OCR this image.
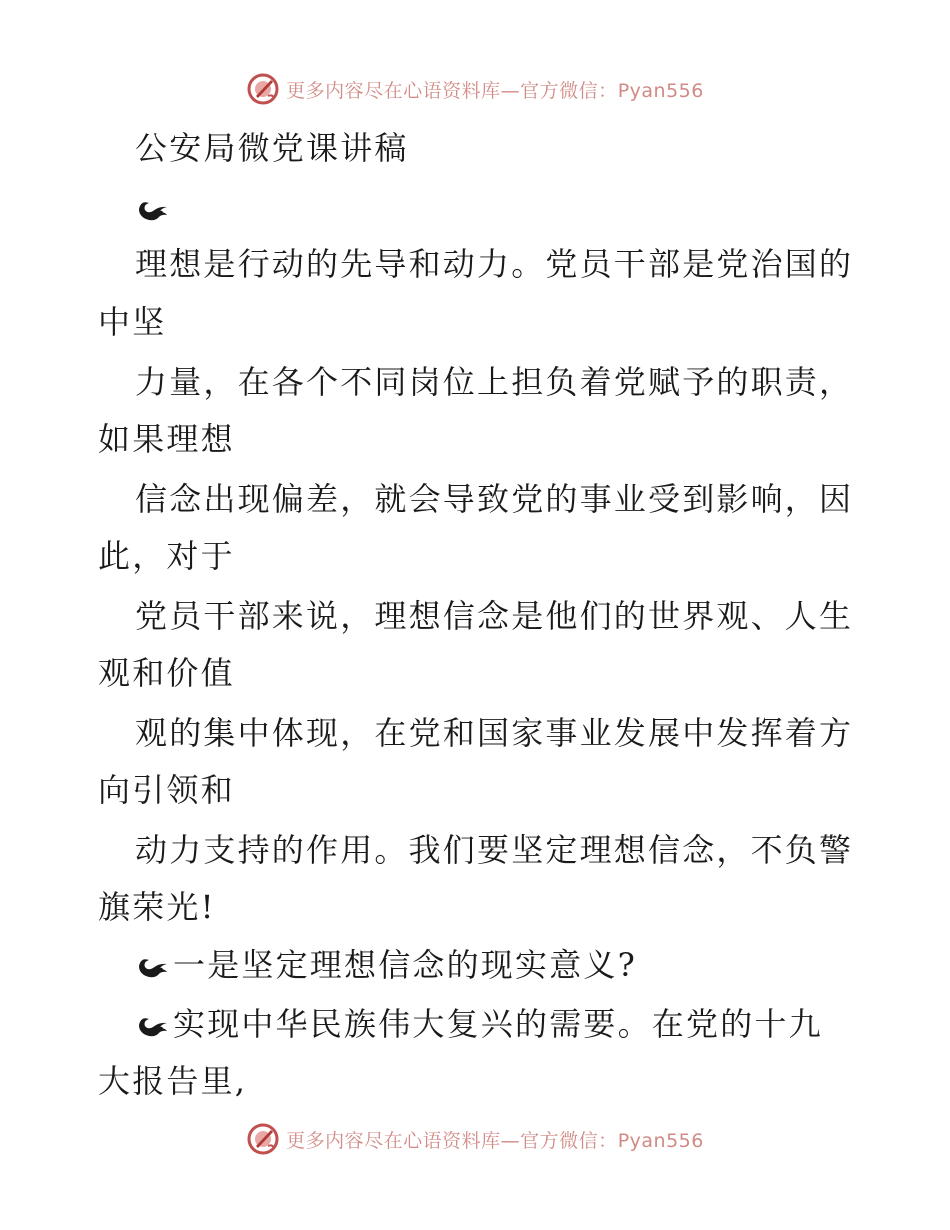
更多内容尽在心语资料库—官方微信：Pyan556
公安局微党课讲稿
理想是行动的先导和动力。党员干部是党治国的
中坚
力量，在各个不同岗位上担负着党赋予的职责，
如果理想
信念出现偏差，就会导致党的事业受到影响，因
此，对于
党员干部来说，理想信念是他们的世界观、人生
观和价值
观的集中体现，在党和国家事业发展中发挥着方
向引领和
动力支持的作用。我们要坚定理想信念，不负警
旗荣光!
一是坚定理想信念的现实意义?
实现中华民族伟大复兴的需要。在党的十九
大报告里,
更多内容尽在心语资料库—官方微信：Pyan556
